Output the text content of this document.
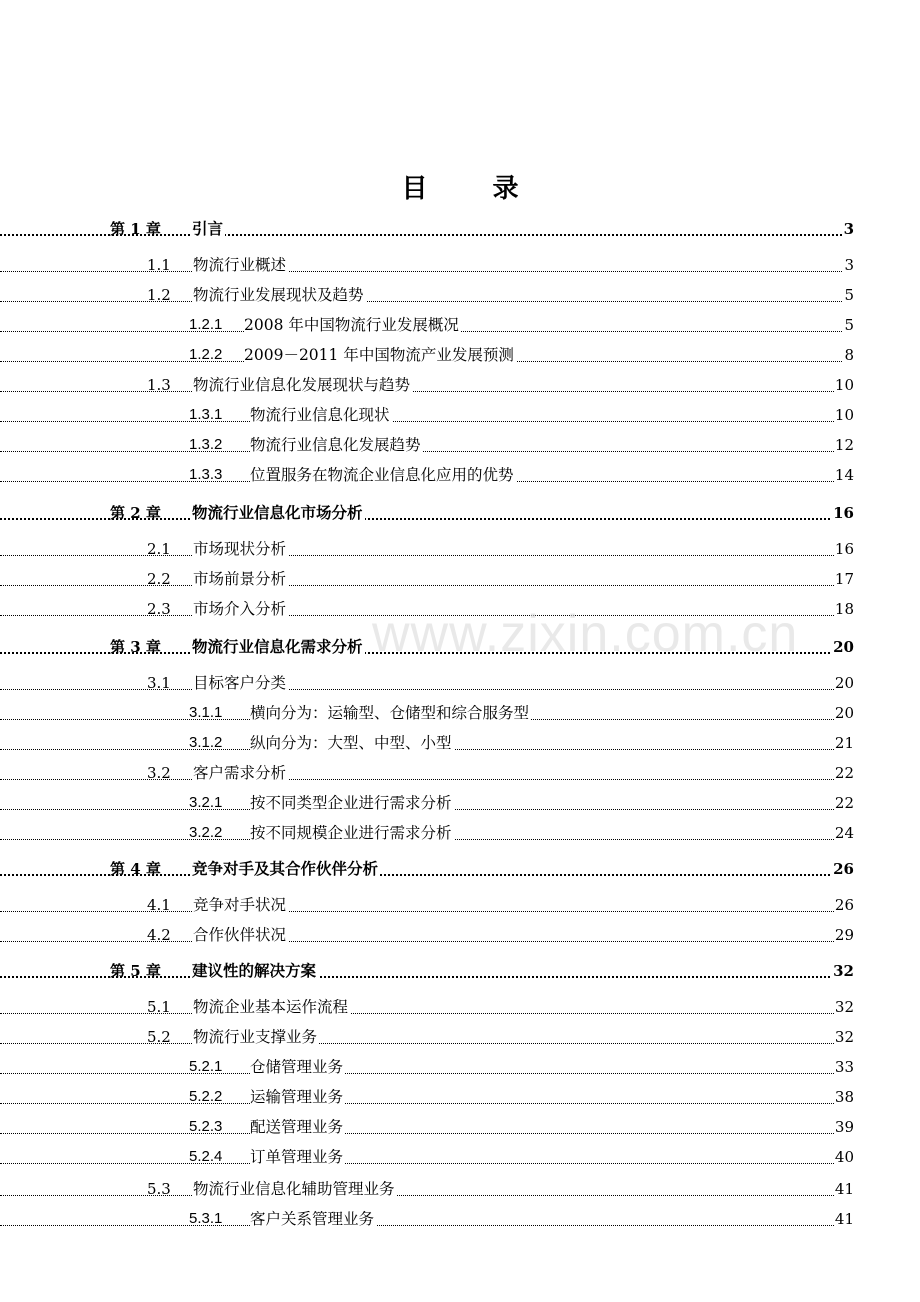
目 录
第 1 章 引言	3
1.1 物流行业概述	3
1.2 物流行业发展现状及趋势	5
1.2.1 2008 年中国物流行业发展概况	5
1.2.2 2009－2011 年中国物流产业发展预测	8
1.3 物流行业信息化发展现状与趋势	10
1.3.1 物流行业信息化现状	10
1.3.2 物流行业信息化发展趋势	12
1.3.3 位置服务在物流企业信息化应用的优势	14
第 2 章 物流行业信息化市场分析	16
2.1 市场现状分析	16
2.2 市场前景分析	17
2.3 市场介入分析	18
第 3 章 物流行业信息化需求分析	20
3.1 目标客户分类	20
3.1.1 横向分为：运输型、仓储型和综合服务型	20
3.1.2 纵向分为：大型、中型、小型	21
3.2 客户需求分析	22
3.2.1 按不同类型企业进行需求分析	22
3.2.2 按不同规模企业进行需求分析	24
第 4 章 竞争对手及其合作伙伴分析	26
4.1 竞争对手状况	26
4.2 合作伙伴状况	29
第 5 章 建议性的解决方案	32
5.1 物流企业基本运作流程	32
5.2 物流行业支撑业务	32
5.2.1 仓储管理业务	33
5.2.2 运输管理业务	38
5.2.3 配送管理业务	39
5.2.4 订单管理业务	40
5.3 物流行业信息化辅助管理业务	41
5.3.1 客户关系管理业务	41
www.zixin.com.cn
